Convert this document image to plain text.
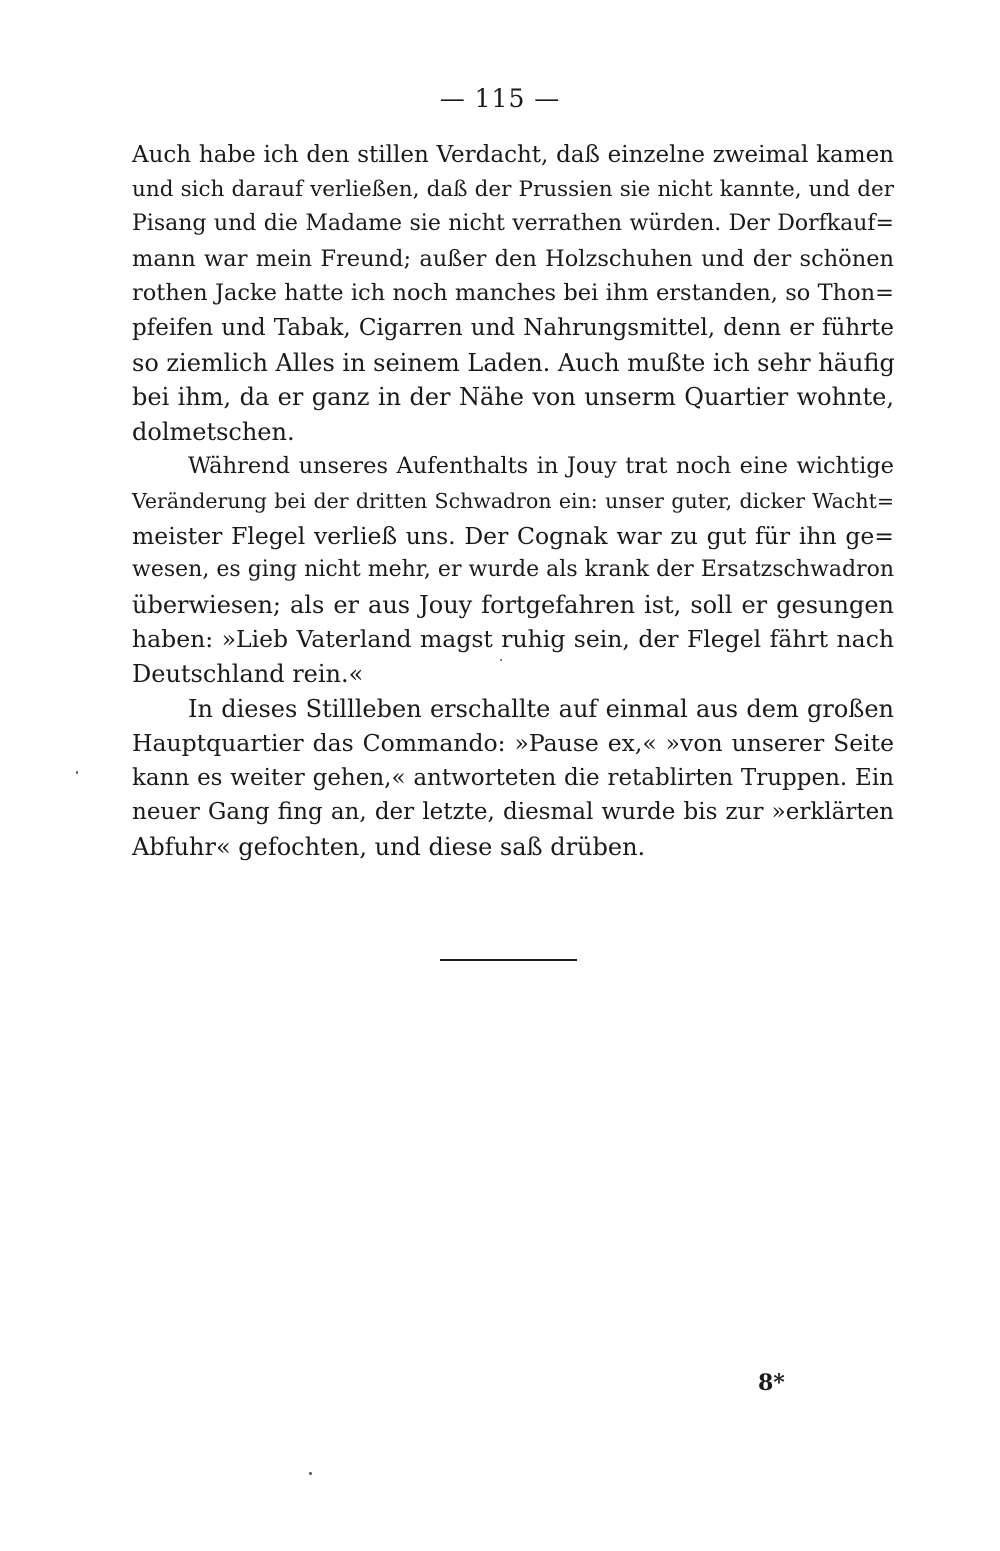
— 115 —
Auch habe ich den stillen Verdacht, daß einzelne zweimal kamen
und sich darauf verließen, daß der Prussien sie nicht kannte, und der
Pisang und die Madame sie nicht verrathen würden. Der Dorfkauf=
mann war mein Freund; außer den Holzschuhen und der schönen
rothen Jacke hatte ich noch manches bei ihm erstanden, so Thon=
pfeifen und Tabak, Cigarren und Nahrungsmittel, denn er führte
so ziemlich Alles in seinem Laden. Auch mußte ich sehr häufig
bei ihm, da er ganz in der Nähe von unserm Quartier wohnte,
dolmetschen.
Während unseres Aufenthalts in Jouy trat noch eine wichtige
Veränderung bei der dritten Schwadron ein: unser guter, dicker Wacht=
meister Flegel verließ uns. Der Cognak war zu gut für ihn ge=
wesen, es ging nicht mehr, er wurde als krank der Ersatzschwadron
überwiesen; als er aus Jouy fortgefahren ist, soll er gesungen
haben: »Lieb Vaterland magst ruhig sein, der Flegel fährt nach
Deutschland rein.«
In dieses Stillleben erschallte auf einmal aus dem großen
Hauptquartier das Commando: »Pause ex,« »von unserer Seite
kann es weiter gehen,« antworteten die retablirten Truppen. Ein
neuer Gang fing an, der letzte, diesmal wurde bis zur »erklärten
Abfuhr« gefochten, und diese saß drüben.
8*
